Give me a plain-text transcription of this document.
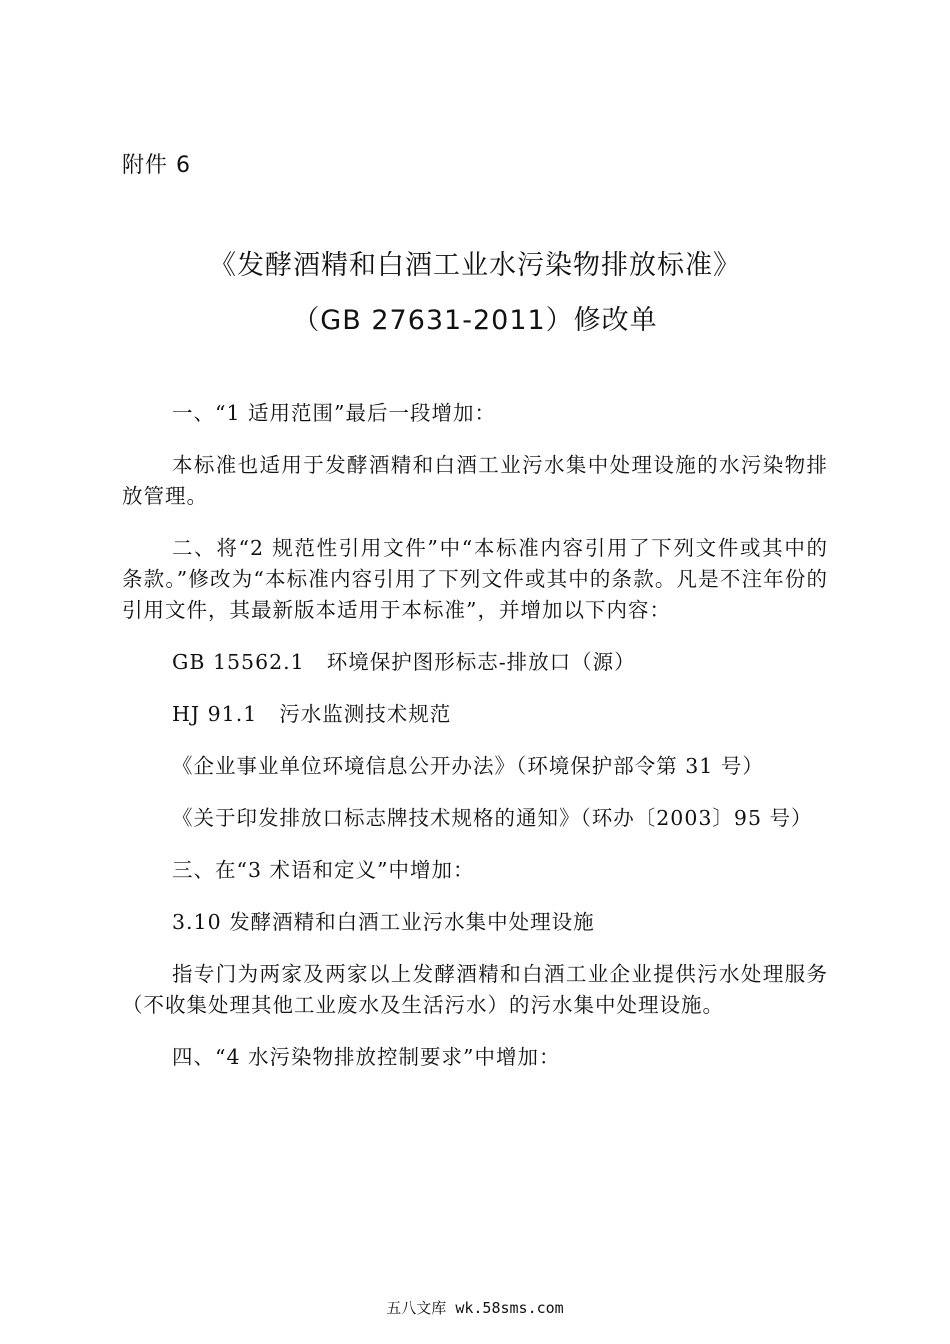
附件 6
《发酵酒精和白酒工业水污染物排放标准》
（GB 27631-2011）修改单

一、“1 适用范围”最后一段增加：

本标准也适用于发酵酒精和白酒工业污水集中处理设施的水污染物排放管理。

二、将“2 规范性引用文件”中“本标准内容引用了下列文件或其中的条款。”修改为“本标准内容引用了下列文件或其中的条款。凡是不注年份的引用文件，其最新版本适用于本标准”，并增加以下内容：

GB 15562.1 环境保护图形标志-排放口（源）

HJ 91.1 污水监测技术规范

《企业事业单位环境信息公开办法》（环境保护部令第 31 号）

《关于印发排放口标志牌技术规格的通知》（环办〔2003〕95 号）

三、在“3 术语和定义”中增加：

3.10 发酵酒精和白酒工业污水集中处理设施

指专门为两家及两家以上发酵酒精和白酒工业企业提供污水处理服务（不收集处理其他工业废水及生活污水）的污水集中处理设施。

四、“4 水污染物排放控制要求”中增加：

五八文库 wk.58sms.com
